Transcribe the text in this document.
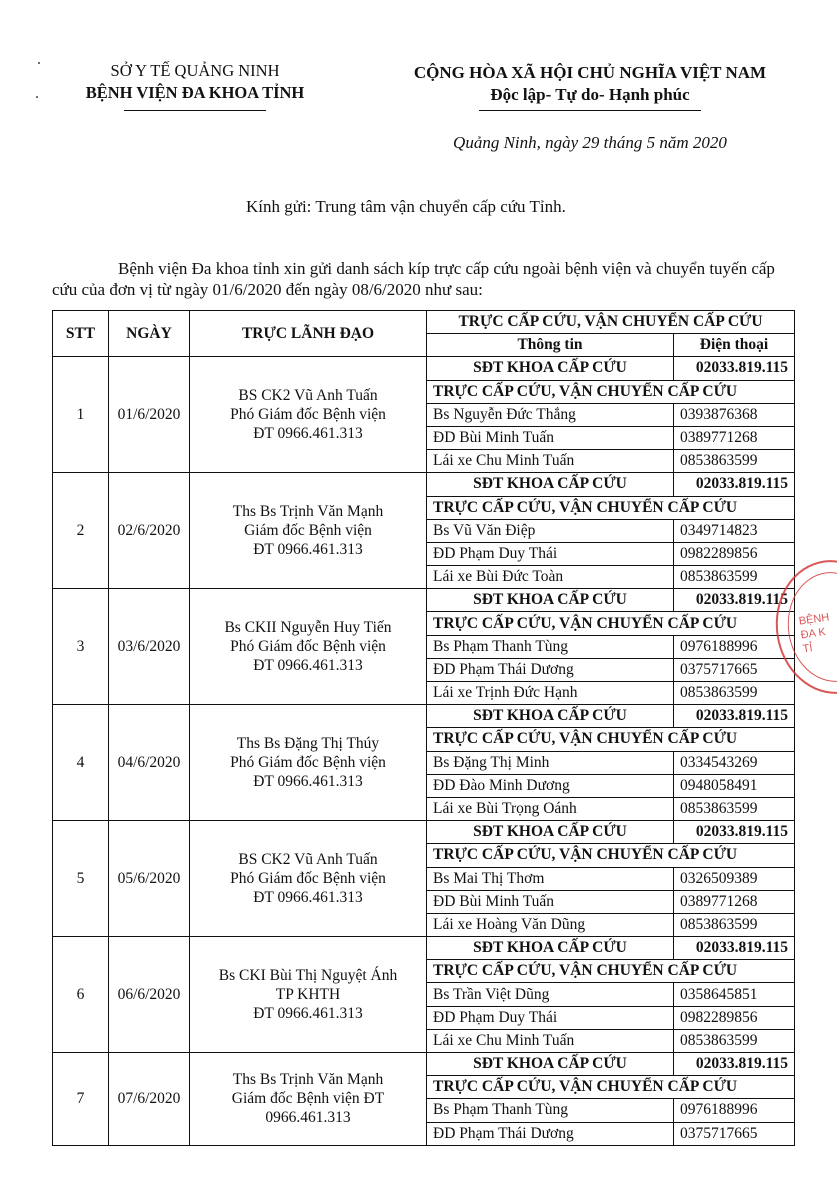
SỞ Y TẾ QUẢNG NINH
BỆNH VIỆN ĐA KHOA TỈNH
CỘNG HÒA XÃ HỘI CHỦ NGHĨA VIỆT NAM
Độc lập- Tự do- Hạnh phúc
Quảng Ninh, ngày 29 tháng 5 năm 2020
Kính gửi: Trung tâm vận chuyển cấp cứu Tỉnh.
Bệnh viện Đa khoa tỉnh xin gửi danh sách kíp trực cấp cứu ngoài bệnh viện và chuyển tuyến cấp cứu của đơn vị từ ngày 01/6/2020 đến ngày 08/6/2020 như sau:
STT	NGÀY	TRỰC LÃNH ĐẠO	TRỰC CẤP CỨU, VẬN CHUYỂN CẤP CỨU	
			Thông tin	Điện thoại
1	01/6/2020	BS CK2 Vũ Anh Tuấn
Phó Giám đốc Bệnh viện
ĐT 0966.461.313	SĐT KHOA CẤP CỨU	02033.819.115
			TRỰC CẤP CỨU, VẬN CHUYỂN CẤP CỨU	
			Bs Nguyễn Đức Thắng	0393876368
			ĐD Bùi Minh Tuấn	0389771268
			Lái xe Chu Minh Tuấn	0853863599
2	02/6/2020	Ths Bs Trịnh Văn Mạnh
Giám đốc Bệnh viện
ĐT 0966.461.313	SĐT KHOA CẤP CỨU	02033.819.115
			TRỰC CẤP CỨU, VẬN CHUYỂN CẤP CỨU	
			Bs Vũ Văn Điệp	0349714823
			ĐD Phạm Duy Thái	0982289856
			Lái xe Bùi Đức Toàn	0853863599
3	03/6/2020	Bs CKII Nguyễn Huy Tiến
Phó Giám đốc Bệnh viện
ĐT 0966.461.313	SĐT KHOA CẤP CỨU	02033.819.115
			TRỰC CẤP CỨU, VẬN CHUYỂN CẤP CỨU	
			Bs Phạm Thanh Tùng	0976188996
			ĐD Phạm Thái Dương	0375717665
			Lái xe Trịnh Đức Hạnh	0853863599
4	04/6/2020	Ths Bs Đặng Thị Thúy
Phó Giám đốc Bệnh viện
ĐT 0966.461.313	SĐT KHOA CẤP CỨU	02033.819.115
			TRỰC CẤP CỨU, VẬN CHUYỂN CẤP CỨU	
			Bs Đặng Thị Minh	0334543269
			ĐD Đào Minh Dương	0948058491
			Lái xe Bùi Trọng Oánh	0853863599
5	05/6/2020	BS CK2 Vũ Anh Tuấn
Phó Giám đốc Bệnh viện
ĐT 0966.461.313	SĐT KHOA CẤP CỨU	02033.819.115
			TRỰC CẤP CỨU, VẬN CHUYỂN CẤP CỨU	
			Bs Mai Thị Thơm	0326509389
			ĐD Bùi Minh Tuấn	0389771268
			Lái xe Hoàng Văn Dũng	0853863599
6	06/6/2020	Bs CKI Bùi Thị Nguyệt Ánh
TP KHTH
ĐT 0966.461.313	SĐT KHOA CẤP CỨU	02033.819.115
			TRỰC CẤP CỨU, VẬN CHUYỂN CẤP CỨU	
			Bs Trần Việt Dũng	0358645851
			ĐD Phạm Duy Thái	0982289856
			Lái xe Chu Minh Tuấn	0853863599
7	07/6/2020	Ths Bs Trịnh Văn Mạnh
Giám đốc Bệnh viện ĐT
0966.461.313	SĐT KHOA CẤP CỨU	02033.819.115
			TRỰC CẤP CỨU, VẬN CHUYỂN CẤP CỨU	
			Bs Phạm Thanh Tùng	0976188996
			ĐD Phạm Thái Dương	0375717665
BỆNH
ĐA K
TỈ
